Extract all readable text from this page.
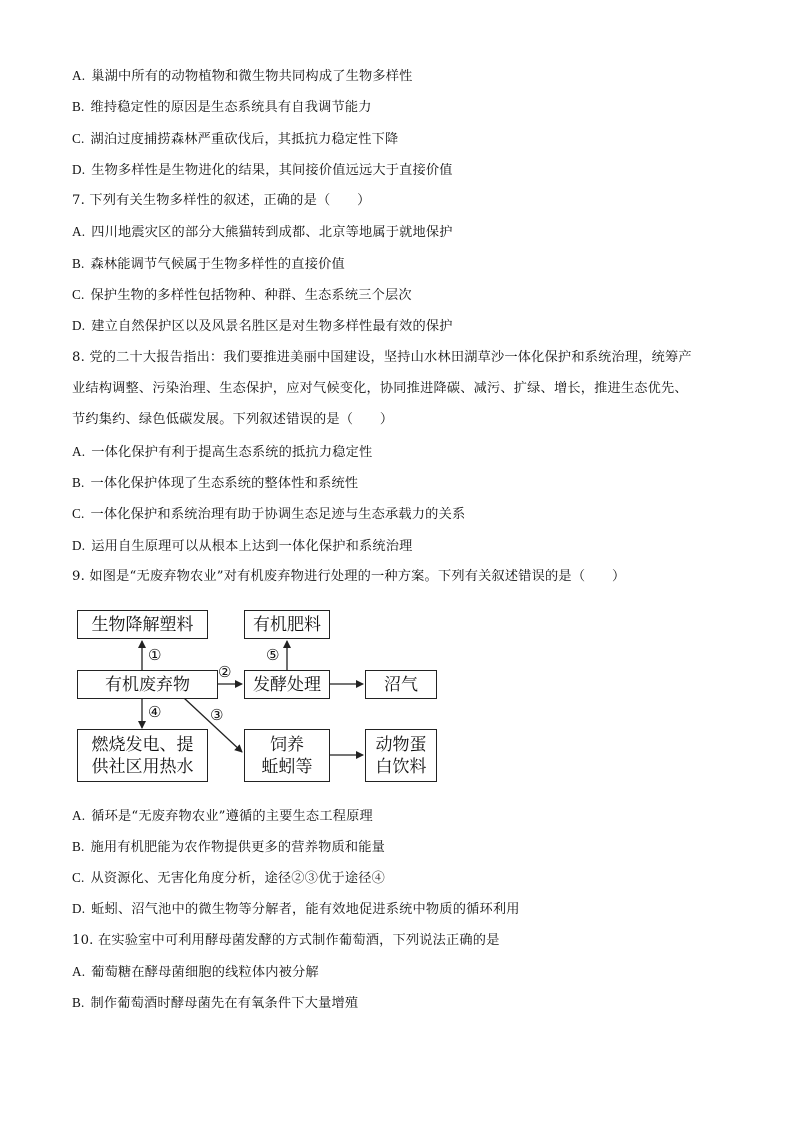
A. 巢湖中所有的动物植物和微生物共同构成了生物多样性
B. 维持稳定性的原因是生态系统具有自我调节能力
C. 湖泊过度捕捞森林严重砍伐后，其抵抗力稳定性下降
D. 生物多样性是生物进化的结果，其间接价值远远大于直接价值
7. 下列有关生物多样性的叙述，正确的是（　　）
A. 四川地震灾区的部分大熊猫转到成都、北京等地属于就地保护
B. 森林能调节气候属于生物多样性的直接价值
C. 保护生物的多样性包括物种、种群、生态系统三个层次
D. 建立自然保护区以及风景名胜区是对生物多样性最有效的保护
8. 党的二十大报告指出：我们要推进美丽中国建设，坚持山水林田湖草沙一体化保护和系统治理，统筹产
业结构调整、污染治理、生态保护，应对气候变化，协同推进降碳、减污、扩绿、增长，推进生态优先、
节约集约、绿色低碳发展。下列叙述错误的是（　　）
A. 一体化保护有利于提高生态系统的抵抗力稳定性
B. 一体化保护体现了生态系统的整体性和系统性
C. 一体化保护和系统治理有助于协调生态足迹与生态承载力的关系
D. 运用自生原理可以从根本上达到一体化保护和系统治理
9. 如图是“无废弃物农业”对有机废弃物进行处理的一种方案。下列有关叙述错误的是（　　）
生物降解塑料	有机肥料
有机废弃物	发酵处理	沼气
燃烧发电、提
供社区用热水
饲养
蚯蚓等
动物蛋
白饮料
①
②
⑤
④	③
A. 循环是“无废弃物农业”遵循的主要生态工程原理
B. 施用有机肥能为农作物提供更多的营养物质和能量
C. 从资源化、无害化角度分析，途径②③优于途径④
D. 蚯蚓、沼气池中的微生物等分解者，能有效地促进系统中物质的循环利用
10. 在实验室中可利用酵母菌发酵的方式制作葡萄酒，下列说法正确的是
A. 葡萄糖在酵母菌细胞的线粒体内被分解
B. 制作葡萄酒时酵母菌先在有氧条件下大量增殖
